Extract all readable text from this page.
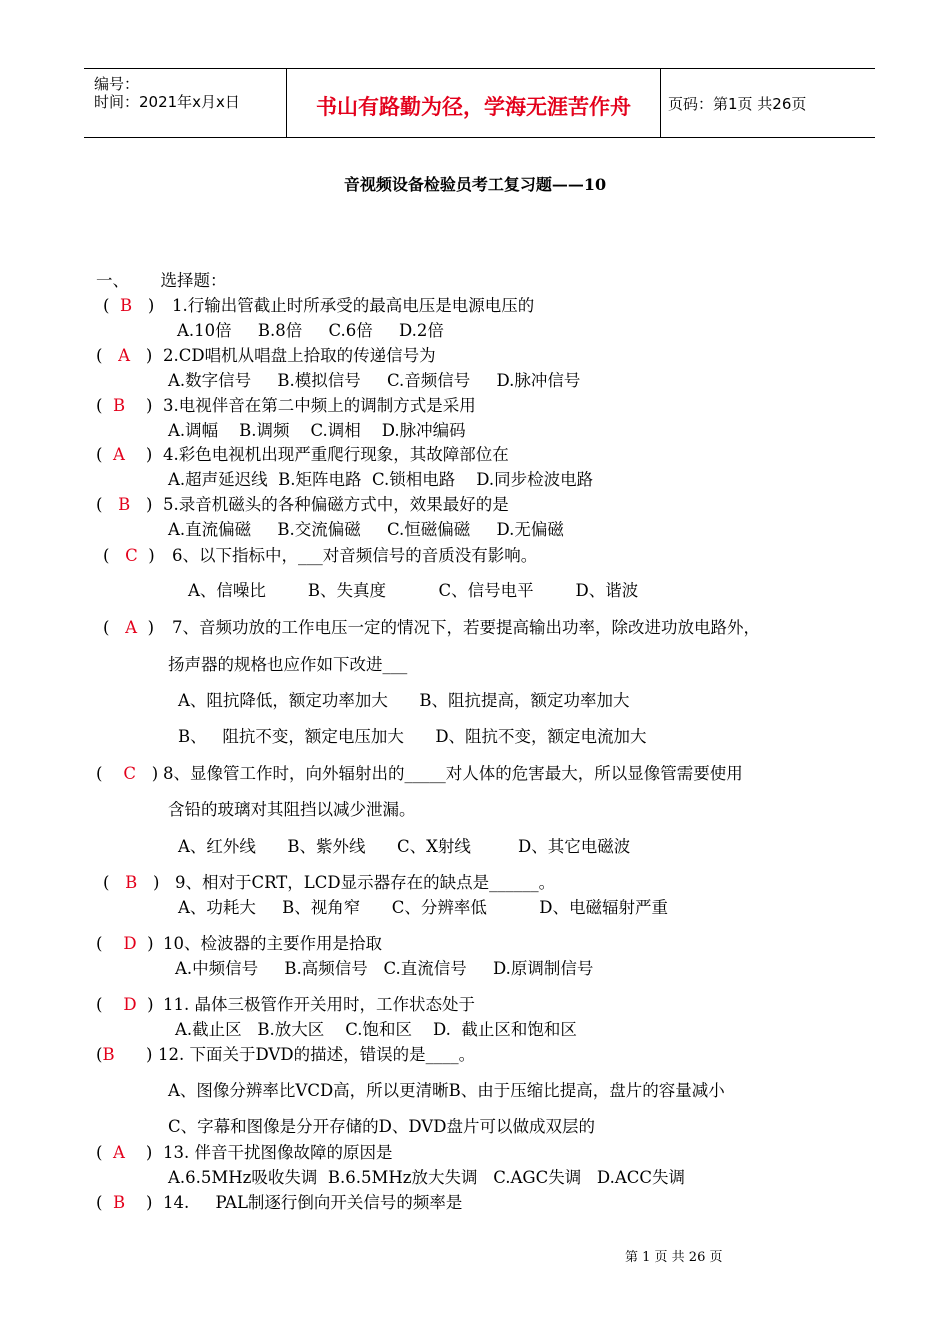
编号：
时间：2021年x月x日	书山有路勤为径，学海无涯苦作舟	页码：第1页 共26页
音视频设备检验员考工复习题——10
一、      选择题：
(  B   ) 1.行输出管截止时所承受的最高电压是电源电压的
A.10倍     B.8倍     C.6倍     D.2倍
(   A   ) 2.CD唱机从唱盘上拾取的传递信号为
A.数字信号     B.模拟信号     C.音频信号     D.脉冲信号
(  B    ) 3.电视伴音在第二中频上的调制方式是采用
A.调幅    B.调频    C.调相    D.脉冲编码
(  A    ) 4.彩色电视机出现严重爬行现象，其故障部位在
A.超声延迟线  B.矩阵电路  C.锁相电路    D.同步检波电路
(   B   ) 5.录音机磁头的各种偏磁方式中，效果最好的是
A.直流偏磁     B.交流偏磁     C.恒磁偏磁     D.无偏磁
(   C  ) 6、以下指标中，___对音频信号的音质没有影响。
A、信噪比        B、失真度          C、信号电平        D、谐波
(   A  ) 7、音频功放的工作电压一定的情况下，若要提高输出功率，除改进功放电路外，
扬声器的规格也应作如下改进___
A、阻抗降低，额定功率加大      B、阻抗提高，额定功率加大
B、   阻抗不变，额定电压加大      D、阻抗不变，额定电流加大
(    C   ) 8、显像管工作时，向外辐射出的_____对人体的危害最大，所以显像管需要使用
含铅的玻璃对其阻挡以减少泄漏。
A、红外线      B、紫外线      C、X射线         D、其它电磁波
(   B   ) 9、相对于CRT，LCD显示器存在的缺点是______。
A、功耗大     B、视角窄      C、分辨率低          D、电磁辐射严重
(    D  ) 10、检波器的主要作用是拾取
A.中频信号     B.高频信号   C.直流信号     D.原调制信号
(    D  ) 11. 晶体三极管作开关用时，工作状态处于
A.截止区   B.放大区    C.饱和区    D.  截止区和饱和区
(B      ) 12. 下面关于DVD的描述，错误的是____。
A、图像分辨率比VCD高，所以更清晰B、由于压缩比提高，盘片的容量减小
C、字幕和图像是分开存储的D、DVD盘片可以做成双层的
(  A    ) 13. 伴音干扰图像故障的原因是
A.6.5MHz吸收失调  B.6.5MHz放大失调   C.AGC失调   D.ACC失调
(  B    ) 14.     PAL制逐行倒向开关信号的频率是
第 1 页 共 26 页
